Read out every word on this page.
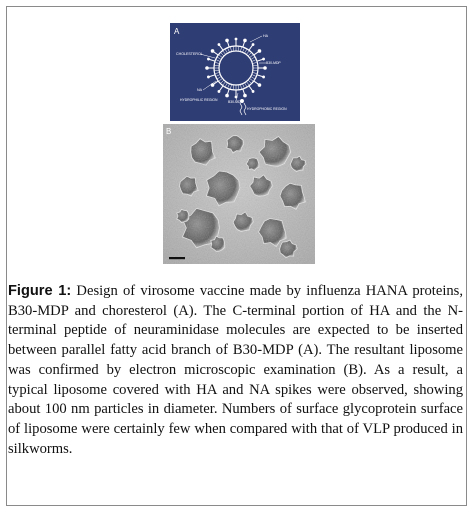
A	HA
CHOLESTEROL
B30-MDP
NA
HYDROPHILIC REGION	B30-MDP
HYDROPHOBIC REGION
B
Figure 1: Design of virosome vaccine made by influenza HANA proteins, B30-MDP and choresterol (A). The C-terminal portion of HA and the N-terminal peptide of neuraminidase molecules are expected to be inserted between parallel fatty acid branch of B30-MDP (A). The resultant liposome was confirmed by electron microscopic examination (B). As a result, a typical liposome covered with HA and NA spikes were observed, showing about 100 nm particles in diameter. Numbers of surface glycoprotein surface of liposome were certainly few when compared with that of VLP produced in silkworms.
